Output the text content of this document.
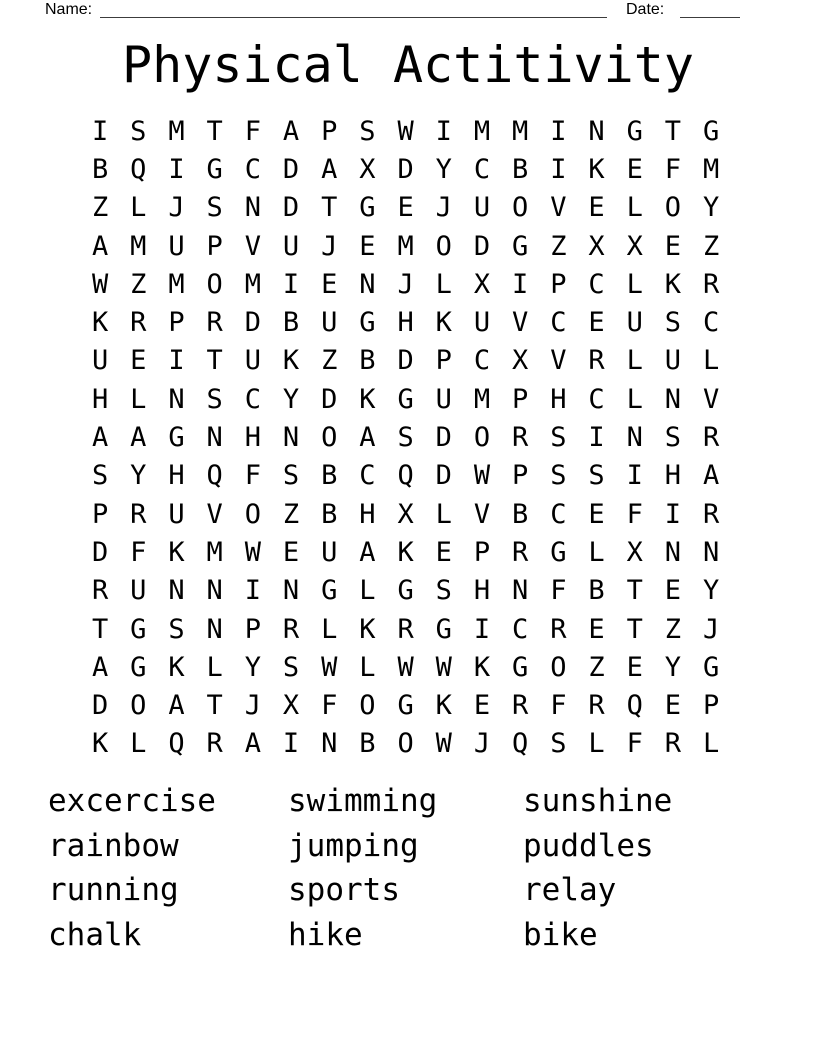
Name:	Date:
Physical Actitivity
I S M T F A P S W I M M I N G T G
B Q I G C D A X D Y C B I K E F M
Z L J S N D T G E J U O V E L O Y
A M U P V U J E M O D G Z X X E Z
W Z M O M I E N J L X I P C L K R
K R P R D B U G H K U V C E U S C
U E I T U K Z B D P C X V R L U L
H L N S C Y D K G U M P H C L N V
A A G N H N O A S D O R S I N S R
S Y H Q F S B C Q D W P S S I H A
P R U V O Z B H X L V B C E F I R
D F K M W E U A K E P R G L X N N
R U N N I N G L G S H N F B T E Y
T G S N P R L K R G I C R E T Z J
A G K L Y S W L W W K G O Z E Y G
D O A T J X F O G K E R F R Q E P
K L Q R A I N B O W J Q S L F R L
excercise
rainbow
running
chalk
swimming
jumping
sports
hike
sunshine
puddles
relay
bike
